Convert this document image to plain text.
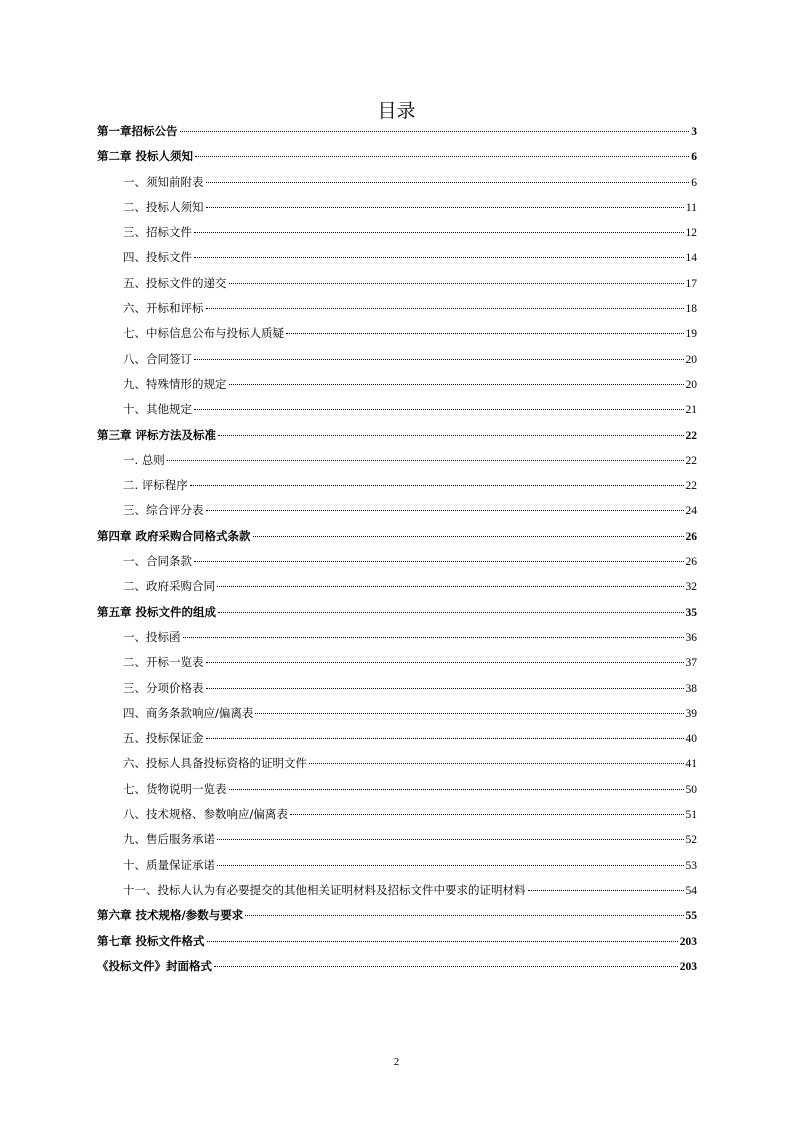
目录
第一章招标公告	3
第二章 投标人须知	6
一、须知前附表	6
二、投标人须知	11
三、招标文件	12
四、投标文件	14
五、投标文件的递交	17
六、开标和评标	18
七、中标信息公布与投标人质疑	19
八、合同签订	20
九、特殊情形的规定	20
十、其他规定	21
第三章 评标方法及标准	22
一. 总则	22
二. 评标程序	22
三、综合评分表	24
第四章 政府采购合同格式条款	26
一、合同条款	26
二、政府采购合同	32
第五章 投标文件的组成	35
一、投标函	36
二、开标一览表	37
三、分项价格表	38
四、商务条款响应/偏离表	39
五、投标保证金	40
六、投标人具备投标资格的证明文件	41
七、货物说明一览表	50
八、技术规格、参数响应/偏离表	51
九、售后服务承诺	52
十、质量保证承诺	53
十一、投标人认为有必要提交的其他相关证明材料及招标文件中要求的证明材料	54
第六章 技术规格/参数与要求	55
第七章 投标文件格式	203
《投标文件》封面格式	203
2
